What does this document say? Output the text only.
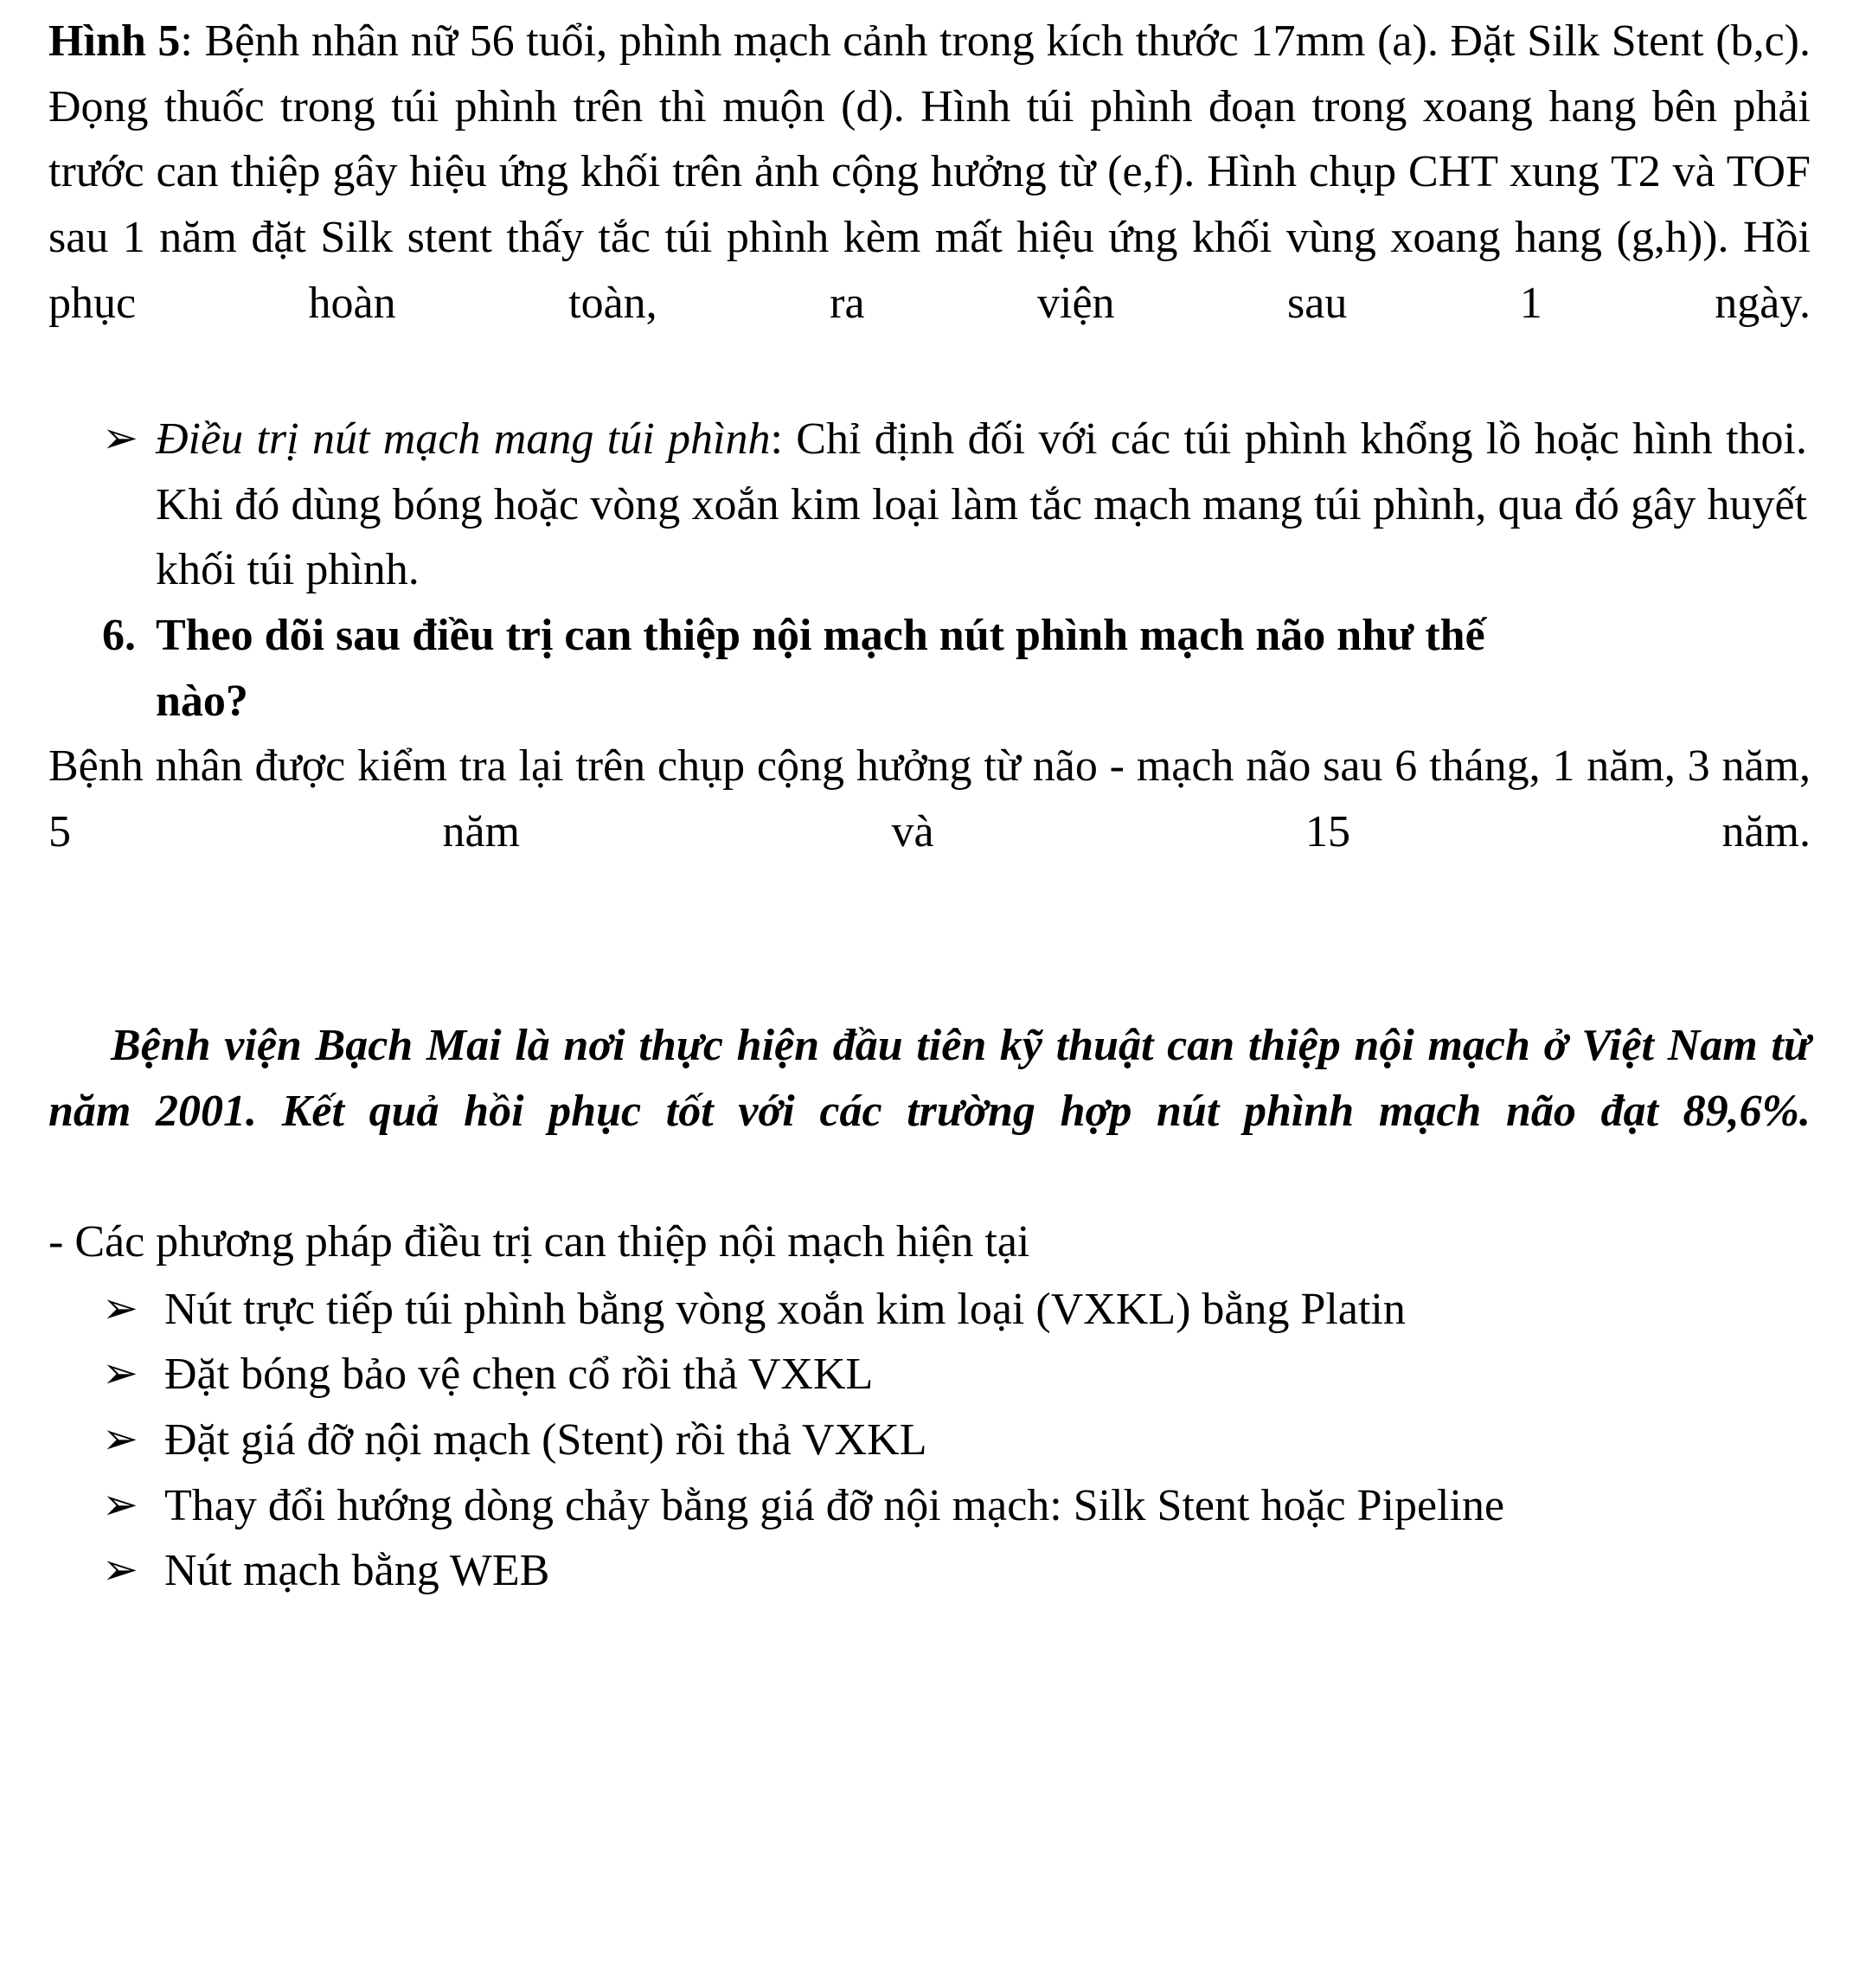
Hình 5: Bệnh nhân nữ 56 tuổi, phình mạch cảnh trong kích thước 17mm (a). Đặt Silk Stent (b,c). Đọng thuốc trong túi phình trên thì muộn (d). Hình túi phình đoạn trong xoang hang bên phải trước can thiệp gây hiệu ứng khối trên ảnh cộng hưởng từ (e,f). Hình chụp CHT xung T2 và TOF sau 1 năm đặt Silk stent thấy tắc túi phình kèm mất hiệu ứng khối vùng xoang hang (g,h)). Hồi phục hoàn toàn, ra viện sau 1 ngày.

➢ Điều trị nút mạch mang túi phình: Chỉ định đối với các túi phình khổng lồ hoặc hình thoi. Khi đó dùng bóng hoặc vòng xoắn kim loại làm tắc mạch mang túi phình, qua đó gây huyết khối túi phình.
6. Theo dõi sau điều trị can thiệp nội mạch nút phình mạch não như thế
nào?

Bệnh nhân được kiểm tra lại trên chụp cộng hưởng từ não - mạch não sau 6 tháng, 1 năm, 3 năm, 5 năm và 15 năm.

Bệnh viện Bạch Mai là nơi thực hiện đầu tiên kỹ thuật can thiệp nội mạch ở Việt Nam từ năm 2001. Kết quả hồi phục tốt với các trường hợp nút phình mạch não đạt 89,6%.

- Các phương pháp điều trị can thiệp nội mạch hiện tại

➢ Nút trực tiếp túi phình bằng vòng xoắn kim loại (VXKL) bằng Platin
➢ Đặt bóng bảo vệ chẹn cổ rồi thả VXKL
➢ Đặt giá đỡ nội mạch (Stent) rồi thả VXKL
➢ Thay đổi hướng dòng chảy bằng giá đỡ nội mạch: Silk Stent hoặc Pipeline
➢ Nút mạch bằng WEB
